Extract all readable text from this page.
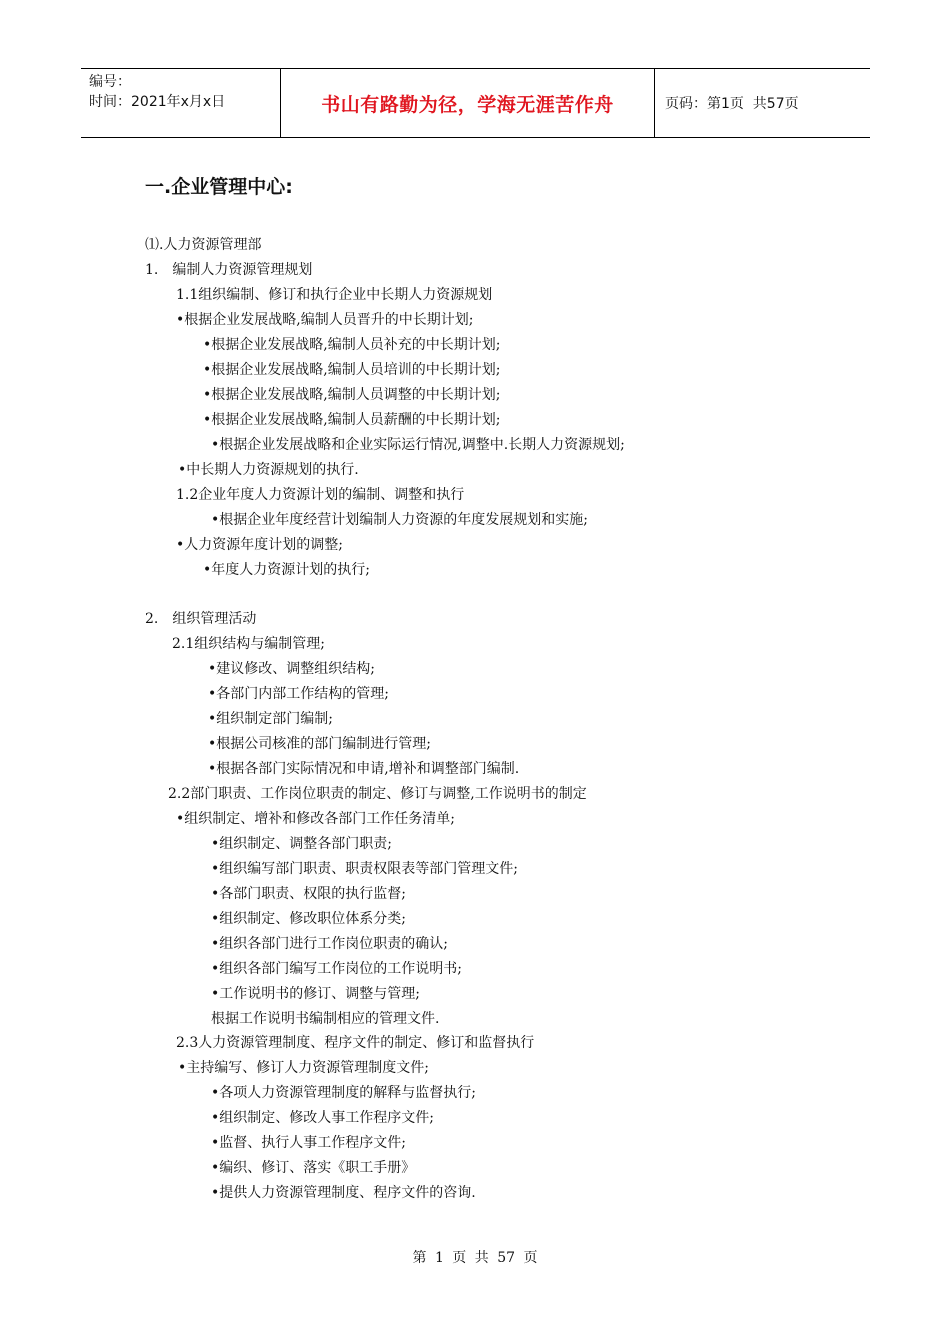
编号：
时间：2021年x月x日	书山有路勤为径，学海无涯苦作舟	页码：第1页  共57页
一.企业管理中心:
⑴.人力资源管理部
1.　编制人力资源管理规划
1.1组织编制、修订和执行企业中长期人力资源规划
•根据企业发展战略,编制人员晋升的中长期计划;
•根据企业发展战略,编制人员补充的中长期计划;
•根据企业发展战略,编制人员培训的中长期计划;
•根据企业发展战略,编制人员调整的中长期计划;
•根据企业发展战略,编制人员薪酬的中长期计划;
•根据企业发展战略和企业实际运行情况,调整中.长期人力资源规划;
•中长期人力资源规划的执行.
1.2企业年度人力资源计划的编制、调整和执行
•根据企业年度经营计划编制人力资源的年度发展规划和实施;
•人力资源年度计划的调整;
•年度人力资源计划的执行;
2.　组织管理活动
2.1组织结构与编制管理;
•建议修改、调整组织结构;
•各部门内部工作结构的管理;
•组织制定部门编制;
•根据公司核准的部门编制进行管理;
•根据各部门实际情况和申请,增补和调整部门编制.
2.2部门职责、工作岗位职责的制定、修订与调整,工作说明书的制定
•组织制定、增补和修改各部门工作任务清单;
•组织制定、调整各部门职责;
•组织编写部门职责、职责权限表等部门管理文件;
•各部门职责、权限的执行监督;
•组织制定、修改职位体系分类;
•组织各部门进行工作岗位职责的确认;
•组织各部门编写工作岗位的工作说明书;
•工作说明书的修订、调整与管理;
根据工作说明书编制相应的管理文件.
2.3人力资源管理制度、程序文件的制定、修订和监督执行
•主持编写、修订人力资源管理制度文件;
•各项人力资源管理制度的解释与监督执行;
•组织制定、修改人事工作程序文件;
•监督、执行人事工作程序文件;
•编织、修订、落实《职工手册》
•提供人力资源管理制度、程序文件的咨询.
第 1 页 共 57 页
